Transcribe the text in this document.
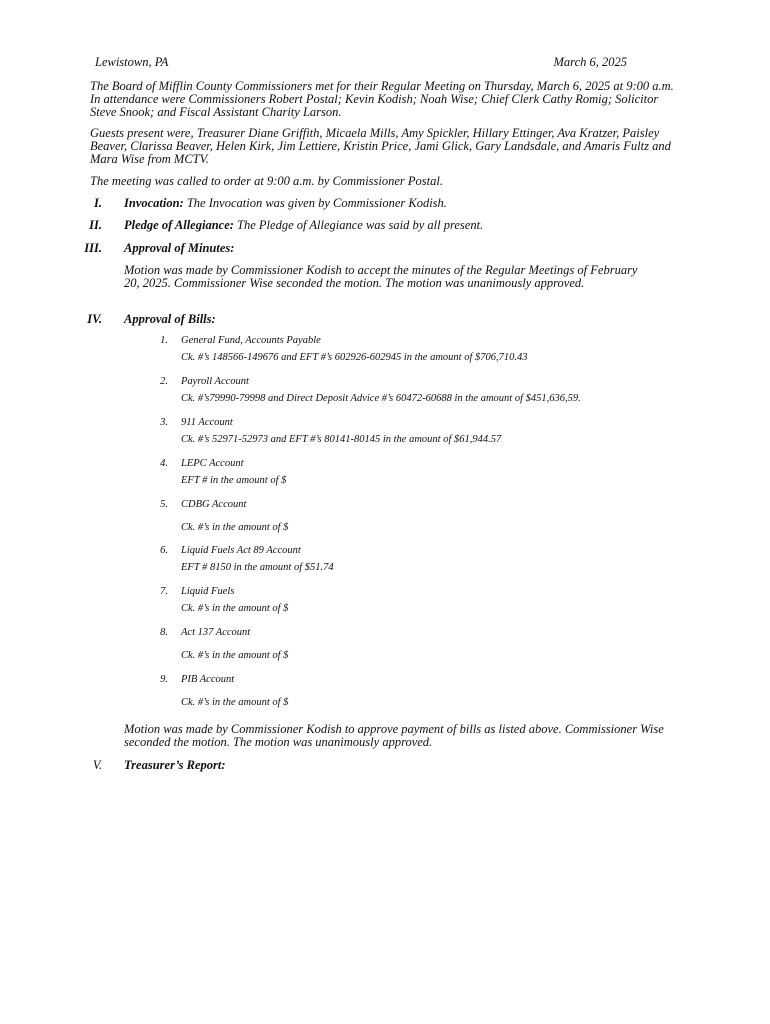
Lewistown, PA	March 6, 2025
The Board of Mifflin County Commissioners met for their Regular Meeting on Thursday, March 6, 2025 at 9:00 a.m. In attendance were Commissioners Robert Postal; Kevin Kodish; Noah Wise; Chief Clerk Cathy Romig; Solicitor Steve Snook; and Fiscal Assistant Charity Larson.
Guests present were, Treasurer Diane Griffith, Micaela Mills, Amy Spickler, Hillary Ettinger, Ava Kratzer, Paisley Beaver, Clarissa Beaver, Helen Kirk, Jim Lettiere, Kristin Price, Jami Glick, Gary Landsdale, and Amaris Fultz and Mara Wise from MCTV.
The meeting was called to order at 9:00 a.m. by Commissioner Postal.
I. Invocation: The Invocation was given by Commissioner Kodish.
II. Pledge of Allegiance: The Pledge of Allegiance was said by all present.
III. Approval of Minutes:
Motion was made by Commissioner Kodish to accept the minutes of the Regular Meetings of February 20, 2025. Commissioner Wise seconded the motion. The motion was unanimously approved.
IV. Approval of Bills:
1. General Fund, Accounts Payable
Ck. #’s 148566-149676 and EFT #’s 602926-602945 in the amount of $706,710.43
2. Payroll Account
Ck. #’s79990-79998 and Direct Deposit Advice #’s 60472-60688 in the amount of $451,636,59.
3. 911 Account
Ck. #’s 52971-52973 and EFT #’s 80141-80145 in the amount of $61,944.57
4. LEPC Account
EFT # in the amount of $
5. CDBG Account
Ck. #’s in the amount of $
6. Liquid Fuels Act 89 Account
EFT # 8150 in the amount of $51.74
7. Liquid Fuels
Ck. #’s in the amount of $
8. Act 137 Account
Ck. #’s in the amount of $
9. PIB Account
Ck. #’s in the amount of $
Motion was made by Commissioner Kodish to approve payment of bills as listed above. Commissioner Wise seconded the motion. The motion was unanimously approved.
V. Treasurer’s Report:
